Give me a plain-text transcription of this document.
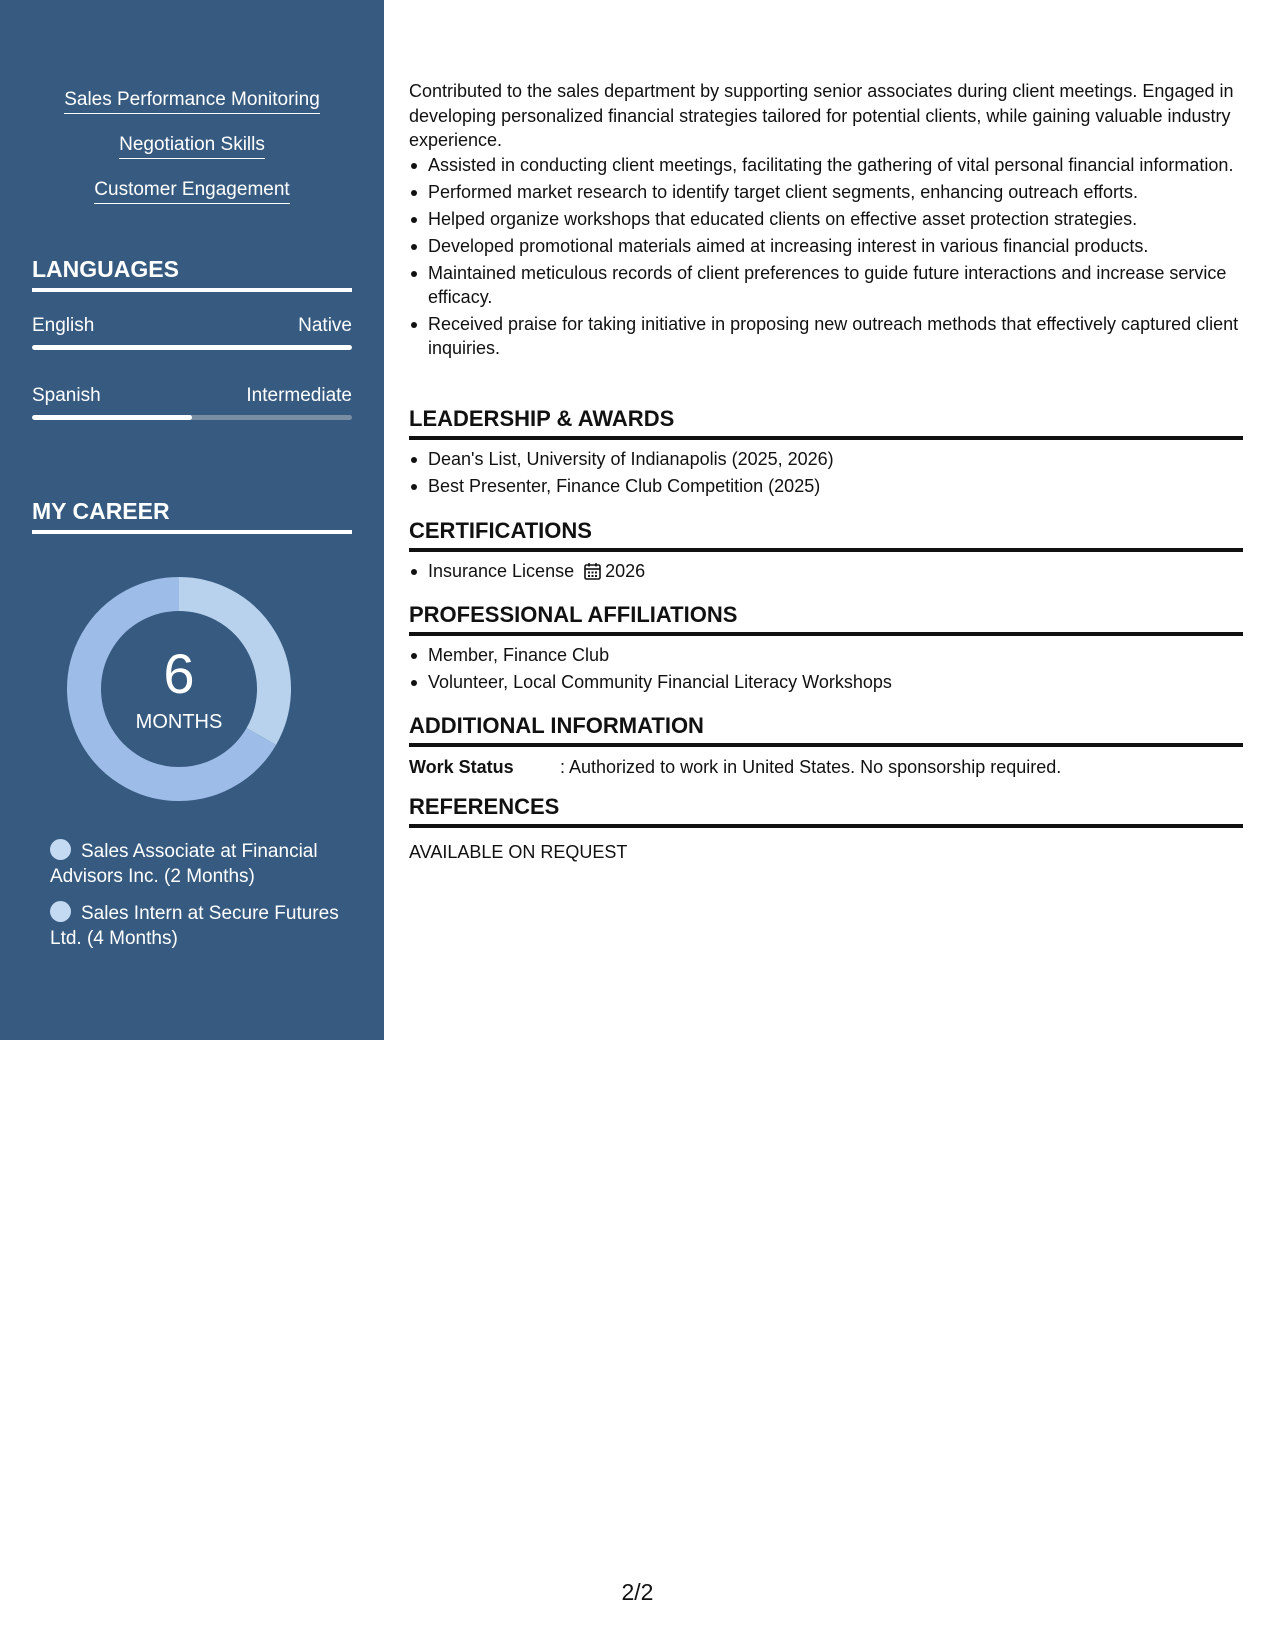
Sales Performance Monitoring
Negotiation Skills
Customer Engagement
LANGUAGES
English	Native
Spanish	Intermediate
MY CAREER
6
MONTHS
Sales Associate at Financial Advisors Inc. (2 Months)
Sales Intern at Secure Futures Ltd. (4 Months)
Contributed to the sales department by supporting senior associates during client meetings. Engaged in developing personalized financial strategies tailored for potential clients, while gaining valuable industry experience.
Assisted in conducting client meetings, facilitating the gathering of vital personal financial information.
Performed market research to identify target client segments, enhancing outreach efforts.
Helped organize workshops that educated clients on effective asset protection strategies.
Developed promotional materials aimed at increasing interest in various financial products.
Maintained meticulous records of client preferences to guide future interactions and increase service efficacy.
Received praise for taking initiative in proposing new outreach methods that effectively captured client inquiries.
LEADERSHIP & AWARDS
Dean's List, University of Indianapolis (2025, 2026)
Best Presenter, Finance Club Competition (2025)
CERTIFICATIONS
Insurance License 2026
PROFESSIONAL AFFILIATIONS
Member, Finance Club
Volunteer, Local Community Financial Literacy Workshops
ADDITIONAL INFORMATION
Work Status	: Authorized to work in United States. No sponsorship required.
REFERENCES
AVAILABLE ON REQUEST
2/2
